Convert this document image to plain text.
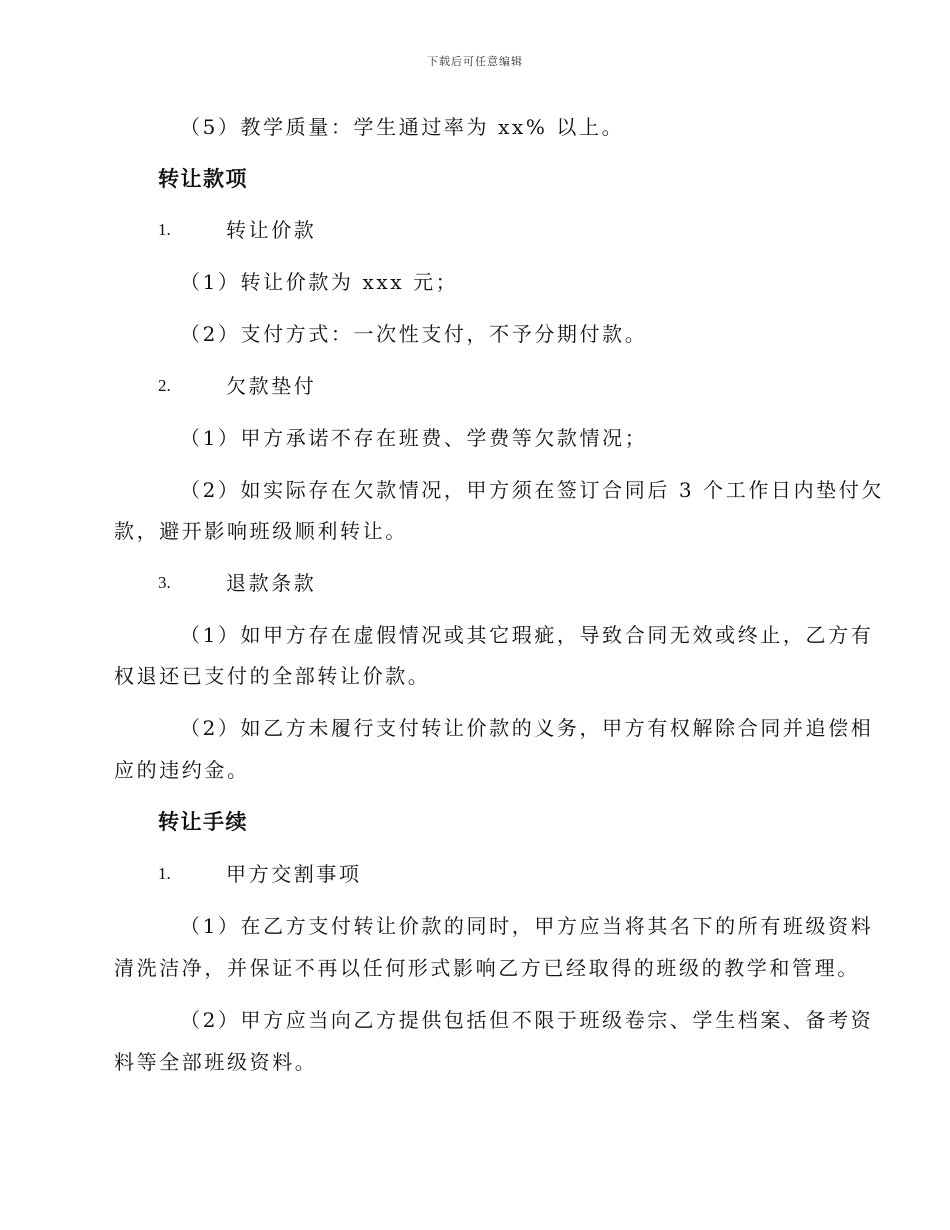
下载后可任意编辑
（5）教学质量：学生通过率为 xx% 以上。
转让款项
1.	转让价款
（1）转让价款为 xxx 元；
（2）支付方式：一次性支付，不予分期付款。
2.	欠款垫付
（1）甲方承诺不存在班费、学费等欠款情况；
（2）如实际存在欠款情况，甲方须在签订合同后 3 个工作日内垫付欠
款，避开影响班级顺利转让。
3.	退款条款
（1）如甲方存在虚假情况或其它瑕疵，导致合同无效或终止，乙方有
权退还已支付的全部转让价款。
（2）如乙方未履行支付转让价款的义务，甲方有权解除合同并追偿相
应的违约金。
转让手续
1.	甲方交割事项
（1）在乙方支付转让价款的同时，甲方应当将其名下的所有班级资料
清洗洁净，并保证不再以任何形式影响乙方已经取得的班级的教学和管理。
（2）甲方应当向乙方提供包括但不限于班级卷宗、学生档案、备考资
料等全部班级资料。
